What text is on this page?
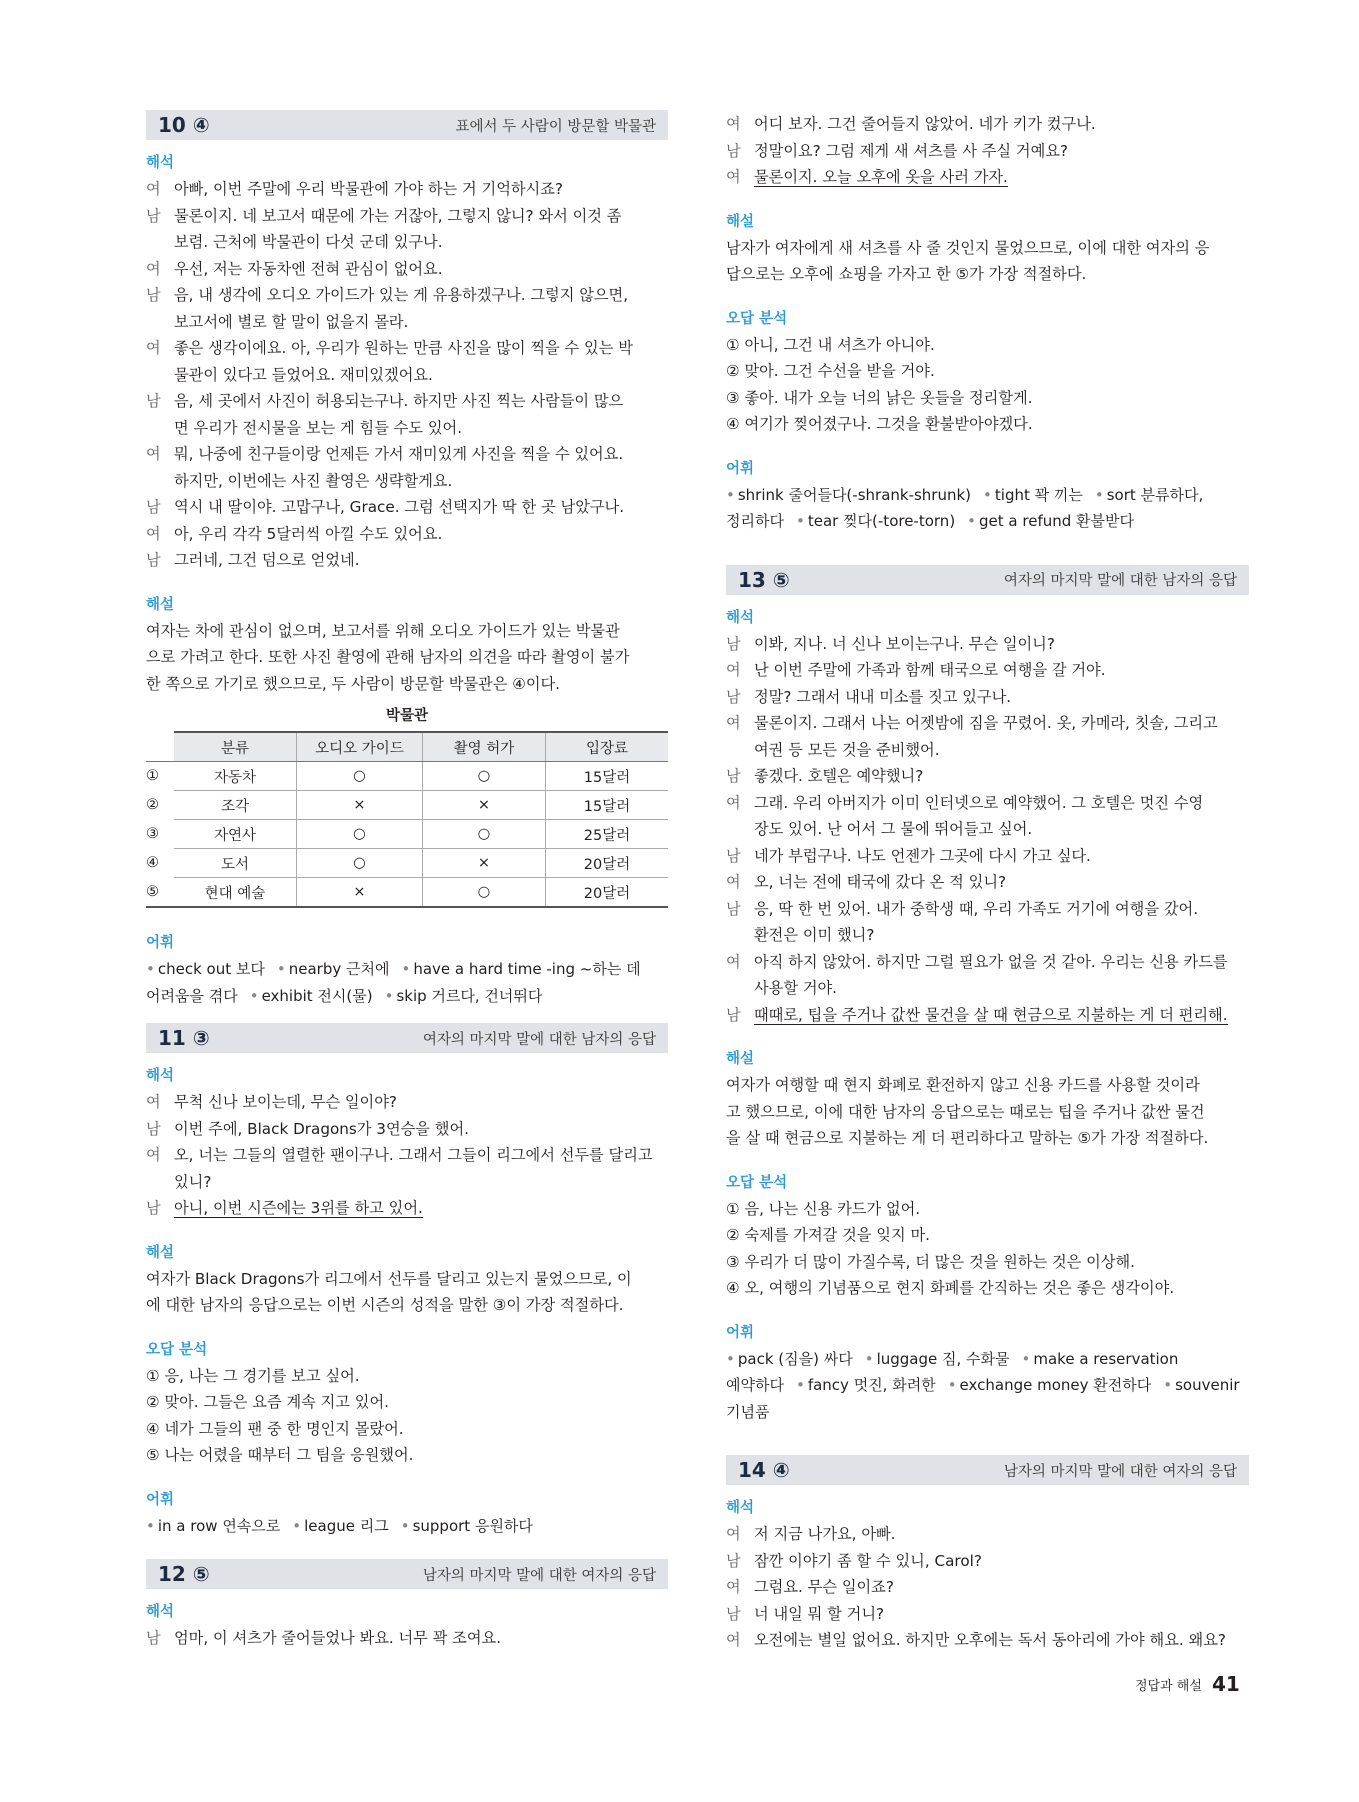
10 ④	표에서 두 사람이 방문할 박물관
해석
여 아빠, 이번 주말에 우리 박물관에 가야 하는 거 기억하시죠?
남 물론이지. 네 보고서 때문에 가는 거잖아, 그렇지 않니? 와서 이것 좀
보렴. 근처에 박물관이 다섯 군데 있구나.
여 우선, 저는 자동차엔 전혀 관심이 없어요.
남 음, 내 생각에 오디오 가이드가 있는 게 유용하겠구나. 그렇지 않으면,
보고서에 별로 할 말이 없을지 몰라.
여 좋은 생각이에요. 아, 우리가 원하는 만큼 사진을 많이 찍을 수 있는 박
물관이 있다고 들었어요. 재미있겠어요.
남 음, 세 곳에서 사진이 허용되는구나. 하지만 사진 찍는 사람들이 많으
면 우리가 전시물을 보는 게 힘들 수도 있어.
여 뭐, 나중에 친구들이랑 언제든 가서 재미있게 사진을 찍을 수 있어요.
하지만, 이번에는 사진 촬영은 생략할게요.
남 역시 내 딸이야. 고맙구나, Grace. 그럼 선택지가 딱 한 곳 남았구나.
여 아, 우리 각각 5달러씩 아낄 수도 있어요.
남 그러네, 그건 덤으로 얻었네.
해설
여자는 차에 관심이 없으며, 보고서를 위해 오디오 가이드가 있는 박물관
으로 가려고 한다. 또한 사진 촬영에 관해 남자의 의견을 따라 촬영이 불가
한 쪽으로 가기로 했으므로, 두 사람이 방문할 박물관은 ④이다.
박물관
	분류	오디오 가이드	촬영 허가	입장료
①	자동차	○	○	15달러
②	조각	×	×	15달러
③	자연사	○	○	25달러
④	도서	○	×	20달러
⑤	현대 예술	×	○	20달러
어휘
• check out 보다 • nearby 근처에 • have a hard time -ing ~하는 데
어려움을 겪다 • exhibit 전시(물) • skip 거르다, 건너뛰다
11 ③	여자의 마지막 말에 대한 남자의 응답
해석
여 무척 신나 보이는데, 무슨 일이야?
남 이번 주에, Black Dragons가 3연승을 했어.
여 오, 너는 그들의 열렬한 팬이구나. 그래서 그들이 리그에서 선두를 달리고
있니?
남 아니, 이번 시즌에는 3위를 하고 있어.
해설
여자가 Black Dragons가 리그에서 선두를 달리고 있는지 물었으므로, 이
에 대한 남자의 응답으로는 이번 시즌의 성적을 말한 ③이 가장 적절하다.
오답 분석
① 응, 나는 그 경기를 보고 싶어.
② 맞아. 그들은 요즘 계속 지고 있어.
④ 네가 그들의 팬 중 한 명인지 몰랐어.
⑤ 나는 어렸을 때부터 그 팀을 응원했어.
어휘
• in a row 연속으로 • league 리그 • support 응원하다
12 ⑤	남자의 마지막 말에 대한 여자의 응답
해석
남 엄마, 이 셔츠가 줄어들었나 봐요. 너무 꽉 조여요.
여 어디 보자. 그건 줄어들지 않았어. 네가 키가 컸구나.
남 정말이요? 그럼 제게 새 셔츠를 사 주실 거예요?
여 물론이지. 오늘 오후에 옷을 사러 가자.
해설
남자가 여자에게 새 셔츠를 사 줄 것인지 물었으므로, 이에 대한 여자의 응
답으로는 오후에 쇼핑을 가자고 한 ⑤가 가장 적절하다.
오답 분석
① 아니, 그건 내 셔츠가 아니야.
② 맞아. 그건 수선을 받을 거야.
③ 좋아. 내가 오늘 너의 낡은 옷들을 정리할게.
④ 여기가 찢어졌구나. 그것을 환불받아야겠다.
어휘
• shrink 줄어들다(-shrank-shrunk) • tight 꽉 끼는 • sort 분류하다,
정리하다 • tear 찢다(-tore-torn) • get a refund 환불받다
13 ⑤	여자의 마지막 말에 대한 남자의 응답
해석
남 이봐, 지나. 너 신나 보이는구나. 무슨 일이니?
여 난 이번 주말에 가족과 함께 태국으로 여행을 갈 거야.
남 정말? 그래서 내내 미소를 짓고 있구나.
여 물론이지. 그래서 나는 어젯밤에 짐을 꾸렸어. 옷, 카메라, 칫솔, 그리고
여권 등 모든 것을 준비했어.
남 좋겠다. 호텔은 예약했니?
여 그래. 우리 아버지가 이미 인터넷으로 예약했어. 그 호텔은 멋진 수영
장도 있어. 난 어서 그 물에 뛰어들고 싶어.
남 네가 부럽구나. 나도 언젠가 그곳에 다시 가고 싶다.
여 오, 너는 전에 태국에 갔다 온 적 있니?
남 응, 딱 한 번 있어. 내가 중학생 때, 우리 가족도 거기에 여행을 갔어.
환전은 이미 했니?
여 아직 하지 않았어. 하지만 그럴 필요가 없을 것 같아. 우리는 신용 카드를
사용할 거야.
남 때때로, 팁을 주거나 값싼 물건을 살 때 현금으로 지불하는 게 더 편리해.
해설
여자가 여행할 때 현지 화폐로 환전하지 않고 신용 카드를 사용할 것이라
고 했으므로, 이에 대한 남자의 응답으로는 때로는 팁을 주거나 값싼 물건
을 살 때 현금으로 지불하는 게 더 편리하다고 말하는 ⑤가 가장 적절하다.
오답 분석
① 음, 나는 신용 카드가 없어.
② 숙제를 가져갈 것을 잊지 마.
③ 우리가 더 많이 가질수록, 더 많은 것을 원하는 것은 이상해.
④ 오, 여행의 기념품으로 현지 화폐를 간직하는 것은 좋은 생각이야.
어휘
• pack (짐을) 싸다 • luggage 짐, 수화물 • make a reservation
예약하다 • fancy 멋진, 화려한 • exchange money 환전하다 • souvenir
기념품
14 ④	남자의 마지막 말에 대한 여자의 응답
해석
여 저 지금 나가요, 아빠.
남 잠깐 이야기 좀 할 수 있니, Carol?
여 그럼요. 무슨 일이죠?
남 너 내일 뭐 할 거니?
여 오전에는 별일 없어요. 하지만 오후에는 독서 동아리에 가야 해요. 왜요?
정답과 해설 41
